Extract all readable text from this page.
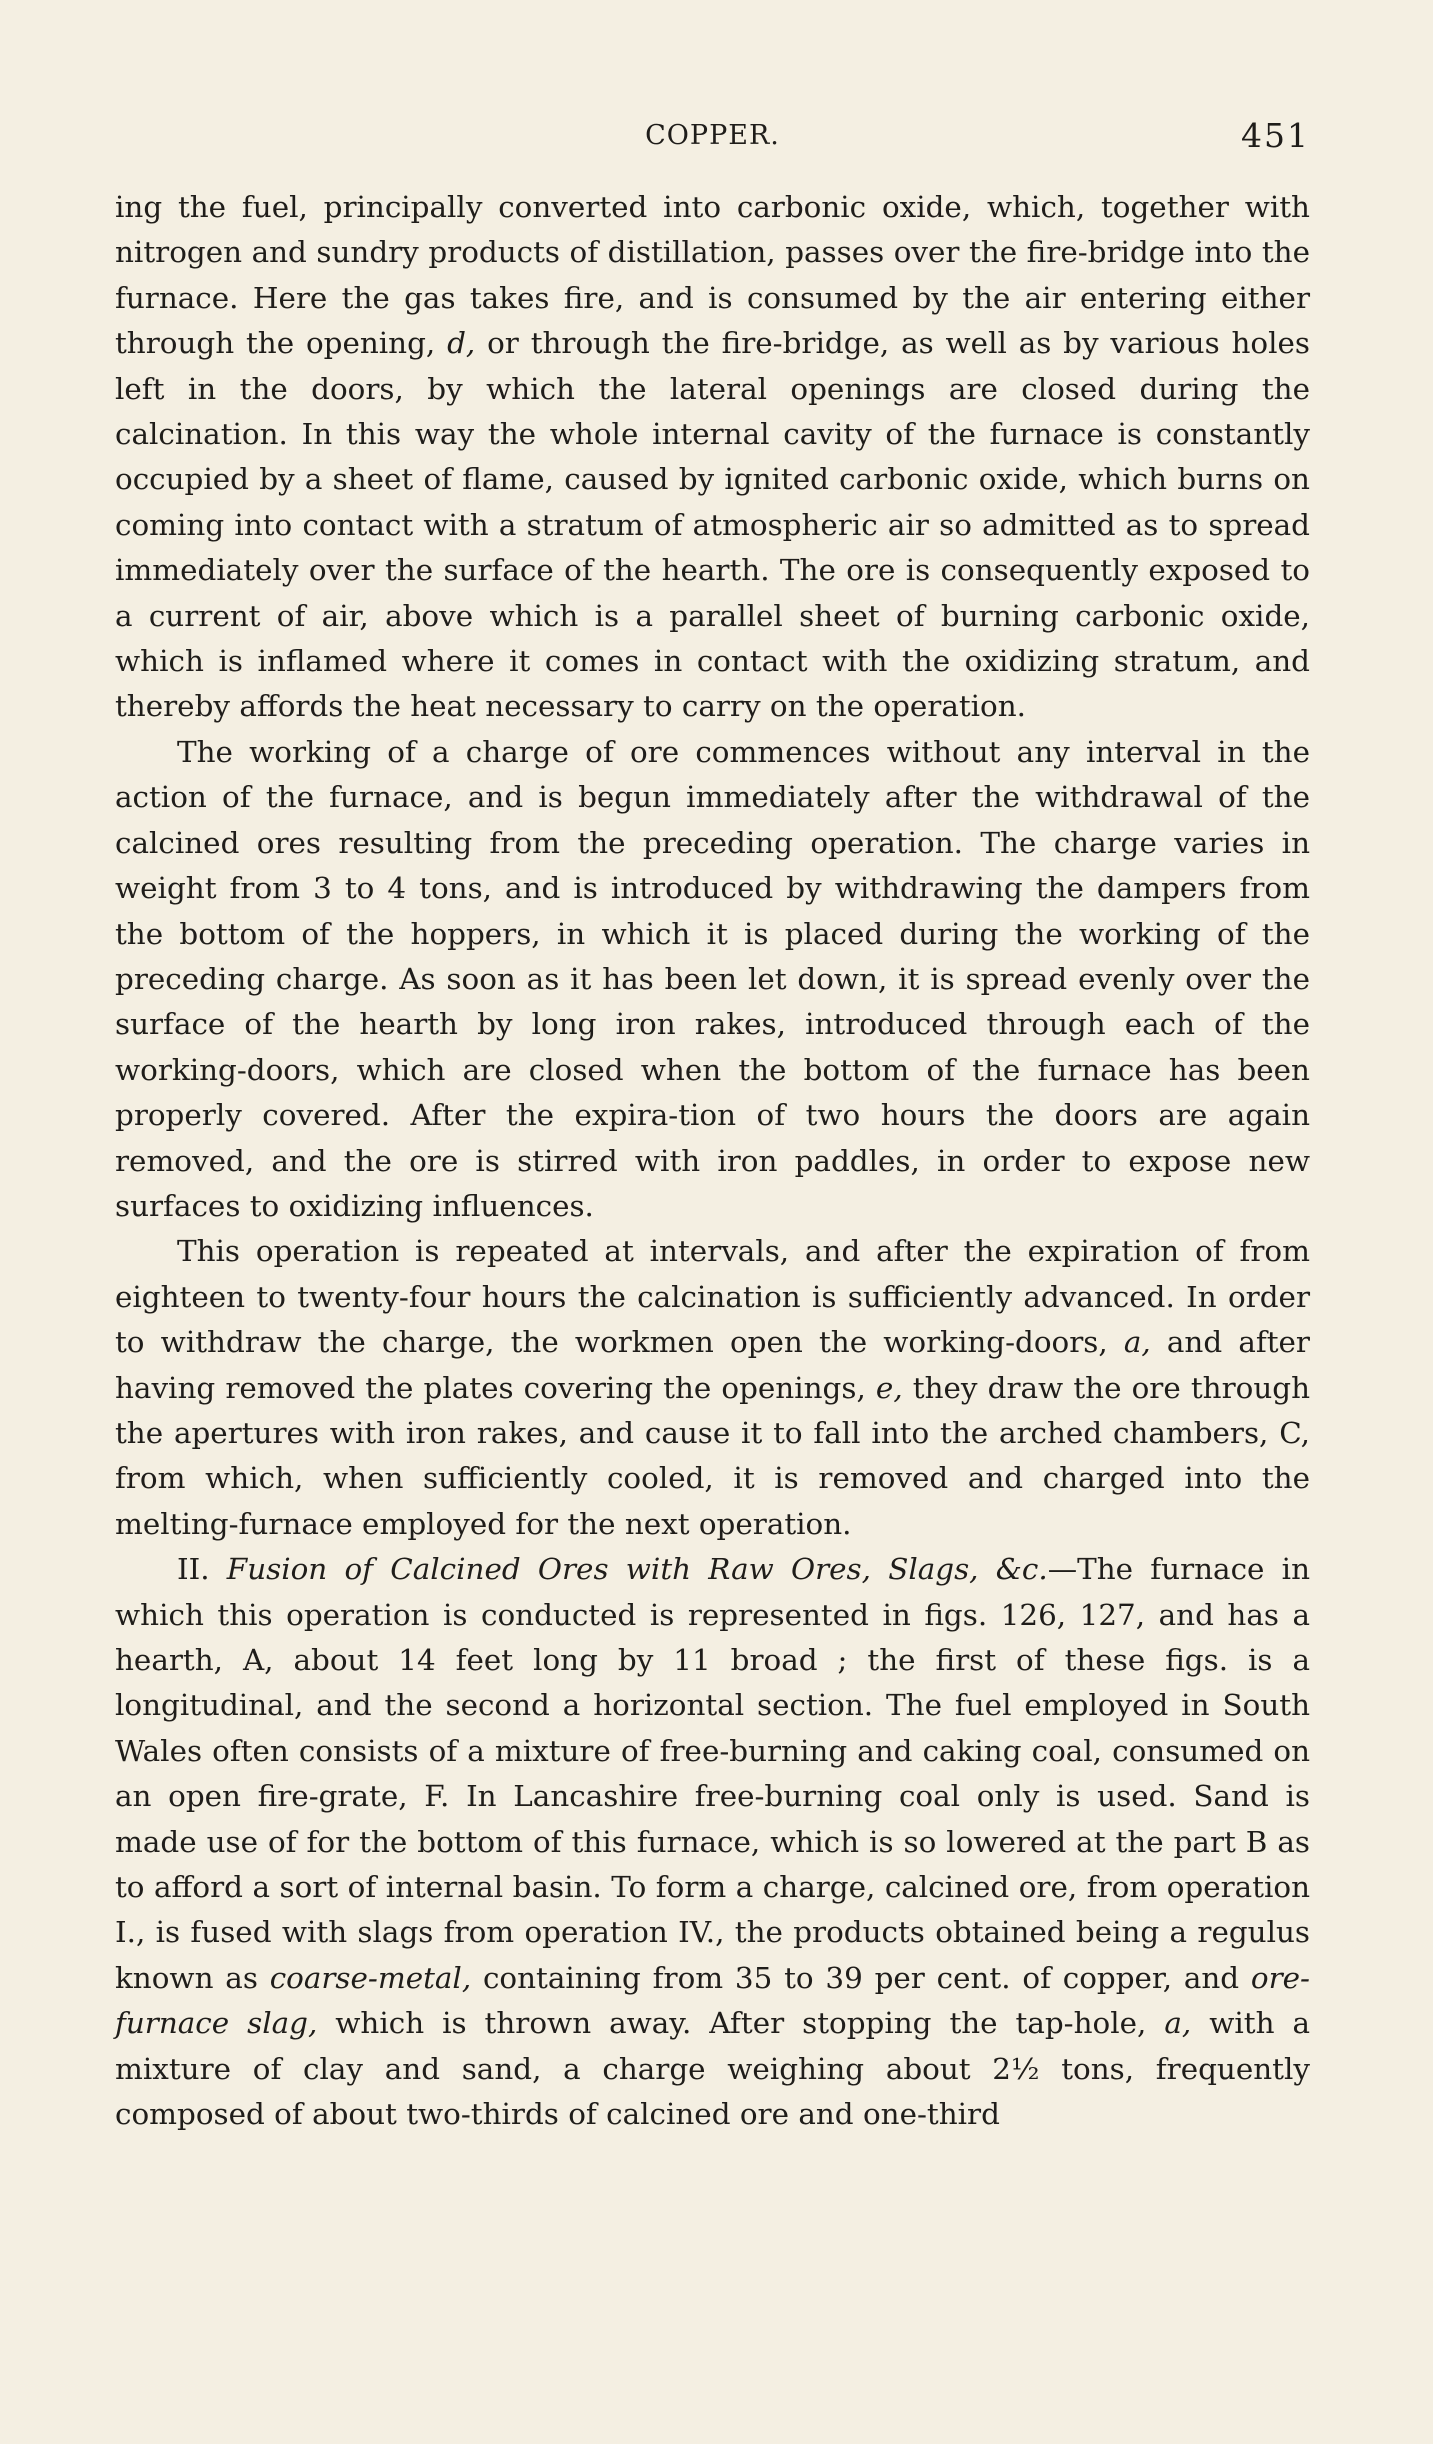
COPPER.	451

ing the fuel, principally converted into carbonic oxide, which, together with nitrogen and sundry products of distillation, passes over the fire-bridge into the furnace. Here the gas takes fire, and is consumed by the air entering either through the opening, d, or through the fire-bridge, as well as by various holes left in the doors, by which the lateral openings are closed during the calcination. In this way the whole internal cavity of the furnace is constantly occupied by a sheet of flame, caused by ignited carbonic oxide, which burns on coming into contact with a stratum of atmospheric air so admitted as to spread immediately over the surface of the hearth. The ore is consequently exposed to a current of air, above which is a parallel sheet of burning carbonic oxide, which is inflamed where it comes in contact with the oxidizing stratum, and thereby affords the heat necessary to carry on the operation.

The working of a charge of ore commences without any interval in the action of the furnace, and is begun immediately after the withdrawal of the calcined ores resulting from the preceding operation. The charge varies in weight from 3 to 4 tons, and is introduced by withdrawing the dampers from the bottom of the hoppers, in which it is placed during the working of the preceding charge. As soon as it has been let down, it is spread evenly over the surface of the hearth by long iron rakes, introduced through each of the working-doors, which are closed when the bottom of the furnace has been properly covered. After the expira-tion of two hours the doors are again removed, and the ore is stirred with iron paddles, in order to expose new surfaces to oxidizing influences.

This operation is repeated at intervals, and after the expiration of from eighteen to twenty-four hours the calcination is sufficiently advanced. In order to withdraw the charge, the workmen open the working-doors, a, and after having removed the plates covering the openings, e, they draw the ore through the apertures with iron rakes, and cause it to fall into the arched chambers, C, from which, when sufficiently cooled, it is removed and charged into the melting-furnace employed for the next operation.

II. Fusion of Calcined Ores with Raw Ores, Slags, &c.—The furnace in which this operation is conducted is represented in figs. 126, 127, and has a hearth, A, about 14 feet long by 11 broad ; the first of these figs. is a longitudinal, and the second a horizontal section. The fuel employed in South Wales often consists of a mixture of free-burning and caking coal, consumed on an open fire-grate, F. In Lancashire free-burning coal only is used. Sand is made use of for the bottom of this furnace, which is so lowered at the part B as to afford a sort of internal basin. To form a charge, calcined ore, from operation I., is fused with slags from operation IV., the products obtained being a regulus known as coarse-metal, containing from 35 to 39 per cent. of copper, and ore-furnace slag, which is thrown away. After stopping the tap-hole, a, with a mixture of clay and sand, a charge weighing about 2½ tons, frequently composed of about two-thirds of calcined ore and one-third
